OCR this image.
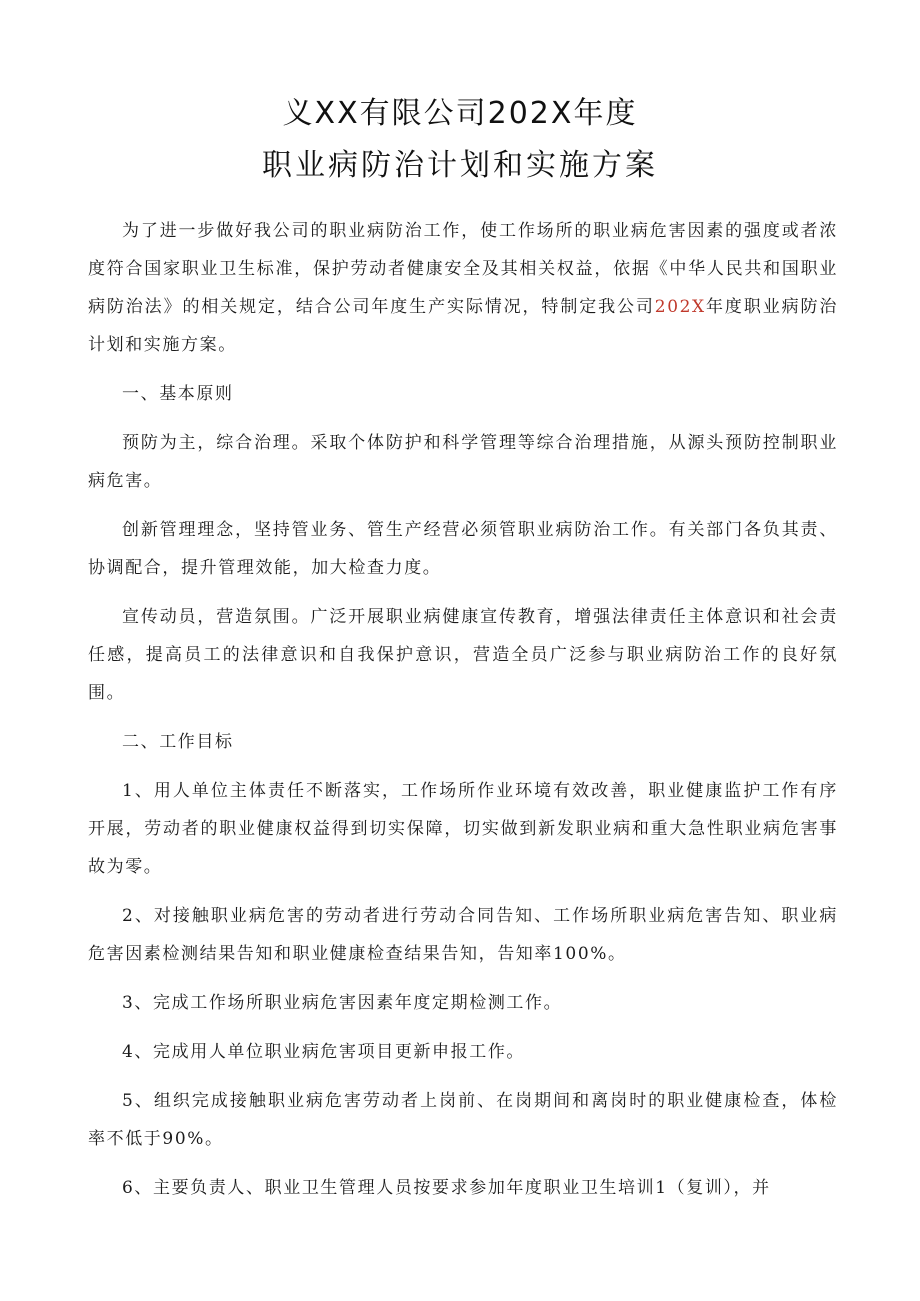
义XX有限公司202X年度
职业病防治计划和实施方案

为了进一步做好我公司的职业病防治工作，使工作场所的职业病危害因素的强度或者浓度符合国家职业卫生标准，保护劳动者健康安全及其相关权益，依据《中华人民共和国职业病防治法》的相关规定，结合公司年度生产实际情况，特制定我公司202X年度职业病防治计划和实施方案。

一、基本原则

预防为主，综合治理。采取个体防护和科学管理等综合治理措施，从源头预防控制职业病危害。

创新管理理念，坚持管业务、管生产经营必须管职业病防治工作。有关部门各负其责、协调配合，提升管理效能，加大检查力度。

宣传动员，营造氛围。广泛开展职业病健康宣传教育，增强法律责任主体意识和社会责任感，提高员工的法律意识和自我保护意识，营造全员广泛参与职业病防治工作的良好氛围。

二、工作目标

1、用人单位主体责任不断落实，工作场所作业环境有效改善，职业健康监护工作有序开展，劳动者的职业健康权益得到切实保障，切实做到新发职业病和重大急性职业病危害事故为零。

2、对接触职业病危害的劳动者进行劳动合同告知、工作场所职业病危害告知、职业病危害因素检测结果告知和职业健康检查结果告知，告知率100%。

3、完成工作场所职业病危害因素年度定期检测工作。

4、完成用人单位职业病危害项目更新申报工作。

5、组织完成接触职业病危害劳动者上岗前、在岗期间和离岗时的职业健康检查，体检率不低于90%。

6、主要负责人、职业卫生管理人员按要求参加年度职业卫生培训1（复训），并
